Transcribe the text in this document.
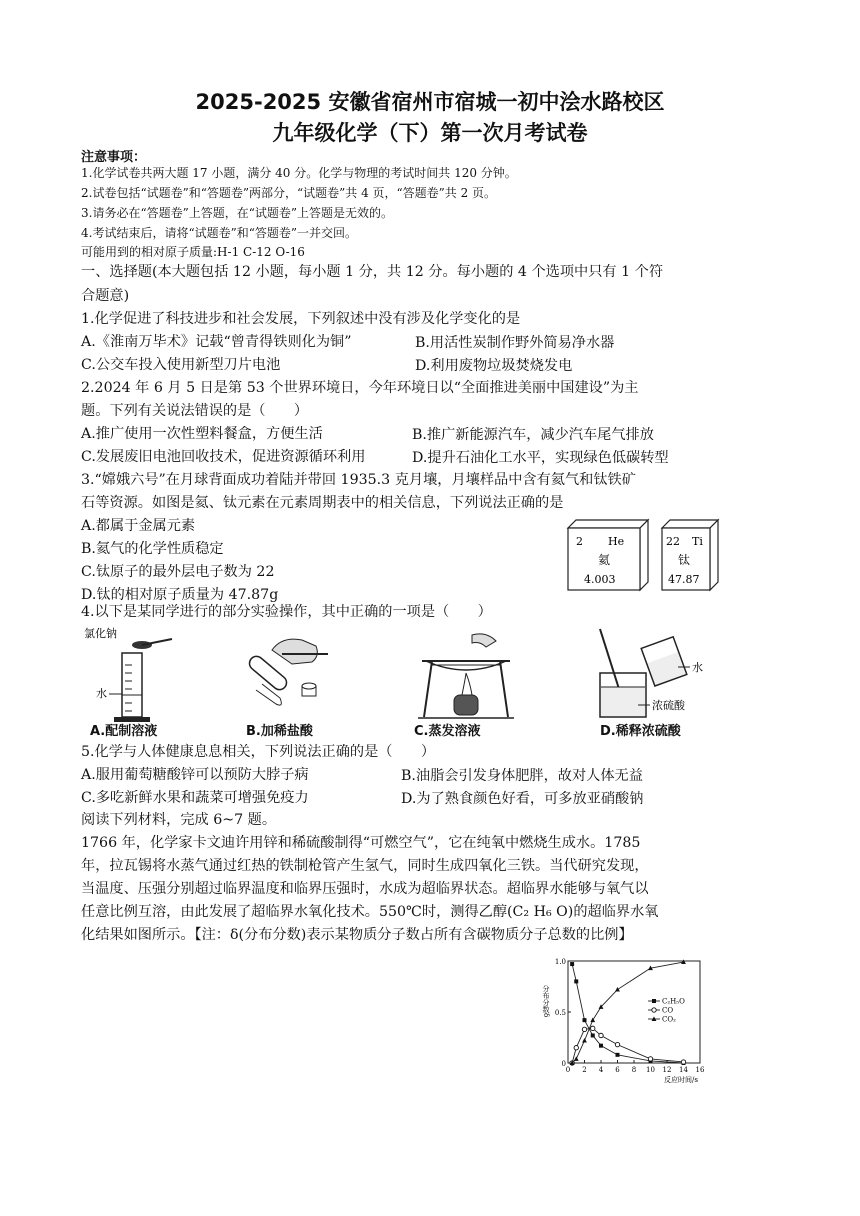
2025-2025 安徽省宿州市宿城一初中浍水路校区
九年级化学（下）第一次月考试卷
注意事项：
1.化学试卷共两大题 17 小题，满分 40 分。化学与物理的考试时间共 120 分钟。
2.试卷包括“试题卷”和“答题卷”两部分，“试题卷”共 4 页，“答题卷”共 2 页。
3.请务必在“答题卷”上答题，在“试题卷”上答题是无效的。
4.考试结束后，请将“试题卷”和“答题卷”一并交回。
可能用到的相对原子质量:H-1 C-12 O-16
一、选择题(本大题包括 12 小题，每小题 1 分，共 12 分。每小题的 4 个选项中只有 1 个符
合题意)
1.化学促进了科技进步和社会发展，下列叙述中没有涉及化学变化的是
A.《淮南万毕术》记载“曾青得铁则化为铜”	B.用活性炭制作野外简易净水器
C.公交车投入使用新型刀片电池	D.利用废物垃圾焚烧发电
2.2024 年 6 月 5 日是第 53 个世界环境日，今年环境日以“全面推进美丽中国建设”为主
题。下列有关说法错误的是（　　）
A.推广使用一次性塑料餐盒，方便生活	B.推广新能源汽车，减少汽车尾气排放
C.发展废旧电池回收技术，促进资源循环利用	D.提升石油化工水平，实现绿色低碳转型
3.“嫦娥六号”在月球背面成功着陆并带回 1935.3 克月壤，月壤样品中含有氦气和钛铁矿
石等资源。如图是氦、钛元素在元素周期表中的相关信息，下列说法正确的是
A.都属于金属元素
B.氦气的化学性质稳定
C.钛原子的最外层电子数为 22
D.钛的相对原子质量为 47.87g
2 He
氦
4.003
22 Ti
钛
47.87
4.以下是某同学进行的部分实验操作，其中正确的一项是（　　）
氯化钠
水
水
浓硫酸
A.配制溶液	B.加稀盐酸	C.蒸发溶液	D.稀释浓硫酸
5.化学与人体健康息息相关，下列说法正确的是（　　）
A.服用葡萄糖酸锌可以预防大脖子病	B.油脂会引发身体肥胖，故对人体无益
C.多吃新鲜水果和蔬菜可增强免疫力	D.为了熟食颜色好看，可多放亚硝酸钠
阅读下列材料，完成 6~7 题。
1766 年，化学家卡文迪许用锌和稀硫酸制得“可燃空气”，它在纯氧中燃烧生成水。1785
年，拉瓦锡将水蒸气通过红热的铁制枪管产生氢气，同时生成四氧化三铁。当代研究发现，
当温度、压强分别超过临界温度和临界压强时，水成为超临界状态。超临界水能够与氧气以
任意比例互溶，由此发展了超临界水氧化技术。550℃时，测得乙醇(C₂ H₆ O)的超临界水氧
化结果如图所示。【注：δ(分布分数)表示某物质分子数占所有含碳物质分子总数的比例】
0 2 4 6 8 10 12 14 16
0
0.5
1.0
反应时间/s
分布分数δ	C₂H₅O
CO
CO₂
